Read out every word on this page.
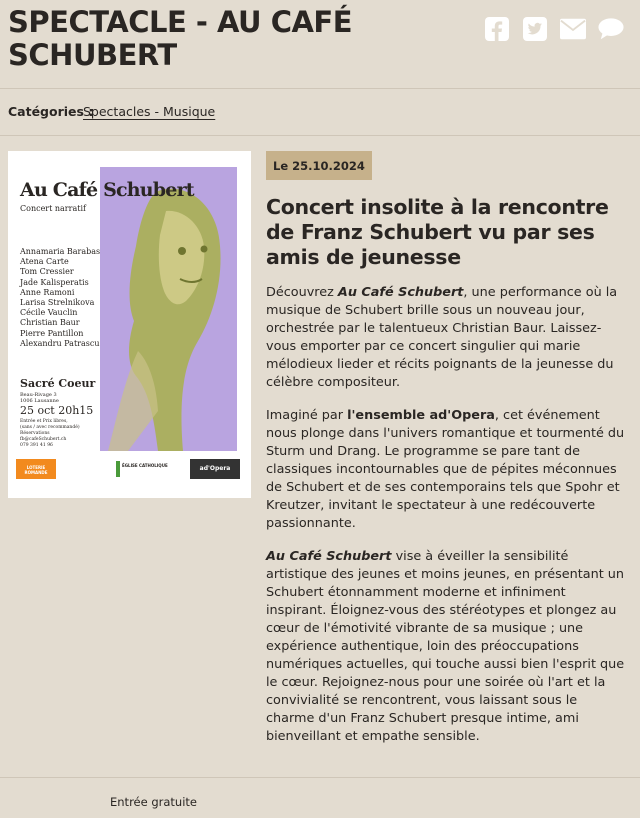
SPECTACLE - AU CAFÉ SCHUBERT
Catégories :
Spectacles - Musique
Au Café Schubert
Concert narratif
Annamaria Barabas
Atena Carte
Tom Cressier
Jade Kalisperatis
Anne Ramoni
Larisa Strelnikova
Cécile Vauclin
Christian Baur
Pierre Pantillon
Alexandru Patrascu
Sacré Coeur
Beau-Rivage 3
1006 Lausanne
25 oct 20h15
Entrée et Prix libres,
(sans / avec recommandé)
Réservations
fb@cafeSchubert.ch
079 391 41 96
LOTERIE ROMANDE
ÉGLISE CATHOLIQUE	ad'Opera
Le 25.10.2024
Concert insolite à la rencontre de Franz Schubert vu par ses amis de jeunesse

Découvrez Au Café Schubert, une performance où la musique de Schubert brille sous un nouveau jour, orchestrée par le talentueux Christian Baur. Laissez-vous emporter par ce concert singulier qui marie mélodieux lieder et récits poignants de la jeunesse du célèbre compositeur.

Imaginé par l'ensemble ad'Opera, cet événement nous plonge dans l'univers romantique et tourmenté du Sturm und Drang. Le programme se pare tant de classiques incontournables que de pépites méconnues de Schubert et de ses contemporains tels que Spohr et Kreutzer, invitant le spectateur à une redécouverte passionnante.

Au Café Schubert vise à éveiller la sensibilité artistique des jeunes et moins jeunes, en présentant un Schubert étonnamment moderne et infiniment inspirant. Éloignez-vous des stéréotypes et plongez au cœur de l'émotivité vibrante de sa musique ; une expérience authentique, loin des préoccupations numériques actuelles, qui touche aussi bien l'esprit que le cœur. Rejoignez-nous pour une soirée où l'art et la convivialité se rencontrent, vous laissant sous le charme d'un Franz Schubert presque intime, ami bienveillant et empathe sensible.

Entrée gratuite
